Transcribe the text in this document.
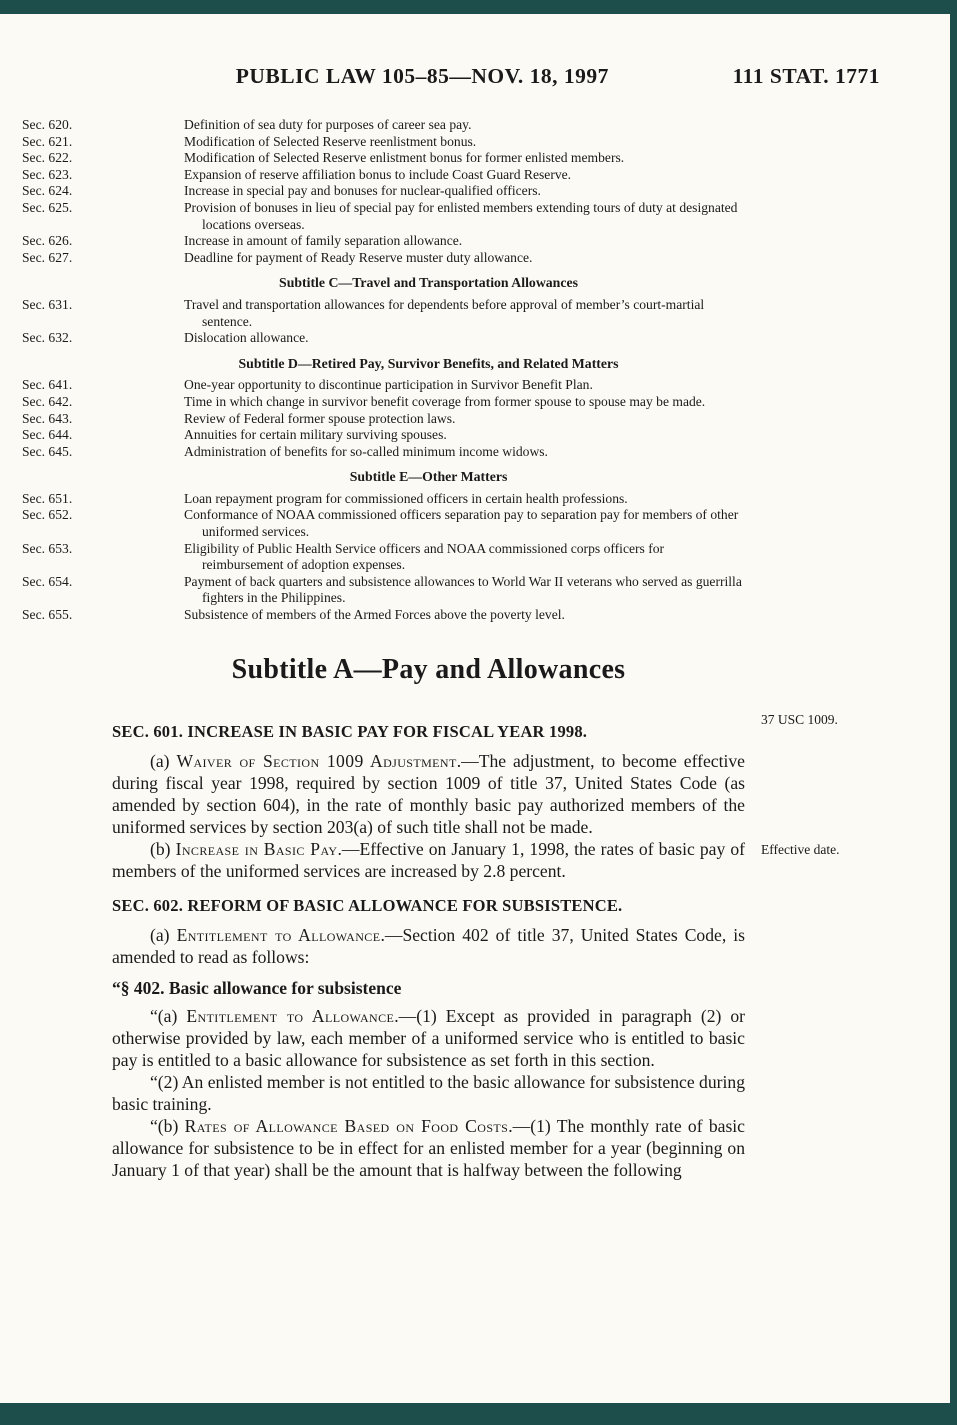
PUBLIC LAW 105–85—NOV. 18, 1997	111 STAT. 1771
Sec. 620.	Definition of sea duty for purposes of career sea pay.
Sec. 621.	Modification of Selected Reserve reenlistment bonus.
Sec. 622.	Modification of Selected Reserve enlistment bonus for former enlisted members.
Sec. 623.	Expansion of reserve affiliation bonus to include Coast Guard Reserve.
Sec. 624.	Increase in special pay and bonuses for nuclear-qualified officers.
Sec. 625.	Provision of bonuses in lieu of special pay for enlisted members extending tours of duty at designated locations overseas.
Sec. 626.	Increase in amount of family separation allowance.
Sec. 627.	Deadline for payment of Ready Reserve muster duty allowance.
Subtitle C—Travel and Transportation Allowances
Sec. 631.	Travel and transportation allowances for dependents before approval of member’s court-martial sentence.
Sec. 632.	Dislocation allowance.
Subtitle D—Retired Pay, Survivor Benefits, and Related Matters
Sec. 641.	One-year opportunity to discontinue participation in Survivor Benefit Plan.
Sec. 642.	Time in which change in survivor benefit coverage from former spouse to spouse may be made.
Sec. 643.	Review of Federal former spouse protection laws.
Sec. 644.	Annuities for certain military surviving spouses.
Sec. 645.	Administration of benefits for so-called minimum income widows.
Subtitle E—Other Matters
Sec. 651.	Loan repayment program for commissioned officers in certain health professions.
Sec. 652.	Conformance of NOAA commissioned officers separation pay to separation pay for members of other uniformed services.
Sec. 653.	Eligibility of Public Health Service officers and NOAA commissioned corps officers for reimbursement of adoption expenses.
Sec. 654.	Payment of back quarters and subsistence allowances to World War II veterans who served as guerrilla fighters in the Philippines.
Sec. 655.	Subsistence of members of the Armed Forces above the poverty level.
Subtitle A—Pay and Allowances
SEC. 601. INCREASE IN BASIC PAY FOR FISCAL YEAR 1998.
37 USC 1009.
(a) Waiver of Section 1009 Adjustment.—The adjustment, to become effective during fiscal year 1998, required by section 1009 of title 37, United States Code (as amended by section 604), in the rate of monthly basic pay authorized members of the uniformed services by section 203(a) of such title shall not be made.
(b) Increase in Basic Pay.—Effective on January 1, 1998, the rates of basic pay of members of the uniformed services are increased by 2.8 percent.
Effective date.
SEC. 602. REFORM OF BASIC ALLOWANCE FOR SUBSISTENCE.
(a) Entitlement to Allowance.—Section 402 of title 37, United States Code, is amended to read as follows:
“§ 402. Basic allowance for subsistence
“(a) Entitlement to Allowance.—(1) Except as provided in paragraph (2) or otherwise provided by law, each member of a uniformed service who is entitled to basic pay is entitled to a basic allowance for subsistence as set forth in this section.
“(2) An enlisted member is not entitled to the basic allowance for subsistence during basic training.
“(b) Rates of Allowance Based on Food Costs.—(1) The monthly rate of basic allowance for subsistence to be in effect for an enlisted member for a year (beginning on January 1 of that year) shall be the amount that is halfway between the following
